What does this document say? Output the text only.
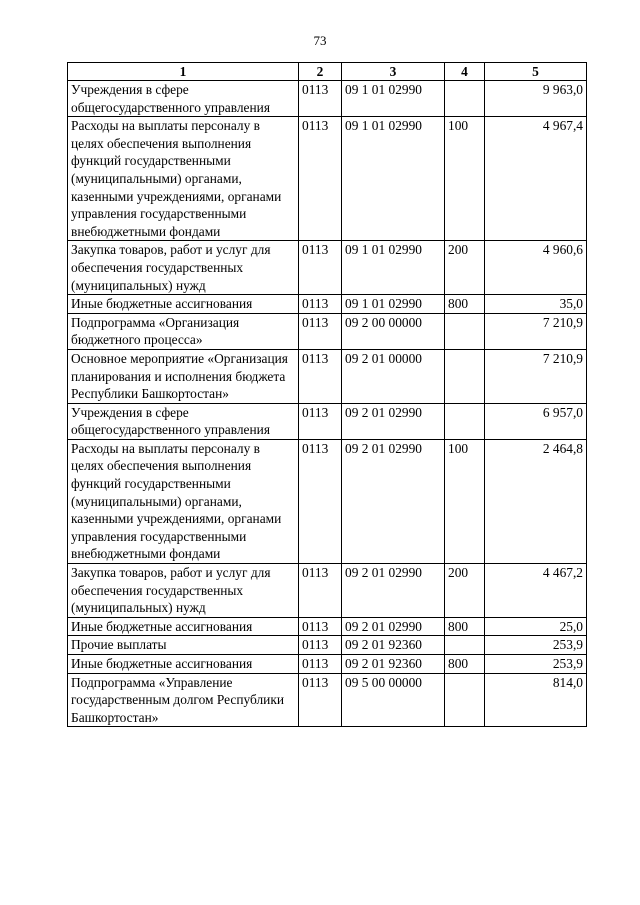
73
1	2	3	4	5
Учреждения в сфере общегосударственного управления	0113	09 1 01 02990		9 963,0
Расходы на выплаты персоналу в целях обеспечения выполнения функций государственными (муниципальными) органами, казенными учреждениями, органами управления государственными внебюджетными фондами	0113	09 1 01 02990	100	4 967,4
Закупка товаров, работ и услуг для обеспечения государственных (муниципальных) нужд	0113	09 1 01 02990	200	4 960,6
Иные бюджетные ассигнования	0113	09 1 01 02990	800	35,0
Подпрограмма «Организация бюджетного процесса»	0113	09 2 00 00000		7 210,9
Основное мероприятие «Организация планирования и исполнения бюджета Республики Башкортостан»	0113	09 2 01 00000		7 210,9
Учреждения в сфере общегосударственного управления	0113	09 2 01 02990		6 957,0
Расходы на выплаты персоналу в целях обеспечения выполнения функций государственными (муниципальными) органами, казенными учреждениями, органами управления государственными внебюджетными фондами	0113	09 2 01 02990	100	2 464,8
Закупка товаров, работ и услуг для обеспечения государственных (муниципальных) нужд	0113	09 2 01 02990	200	4 467,2
Иные бюджетные ассигнования	0113	09 2 01 02990	800	25,0
Прочие выплаты	0113	09 2 01 92360		253,9
Иные бюджетные ассигнования	0113	09 2 01 92360	800	253,9
Подпрограмма «Управление государственным долгом Республики Башкортостан»	0113	09 5 00 00000		814,0
